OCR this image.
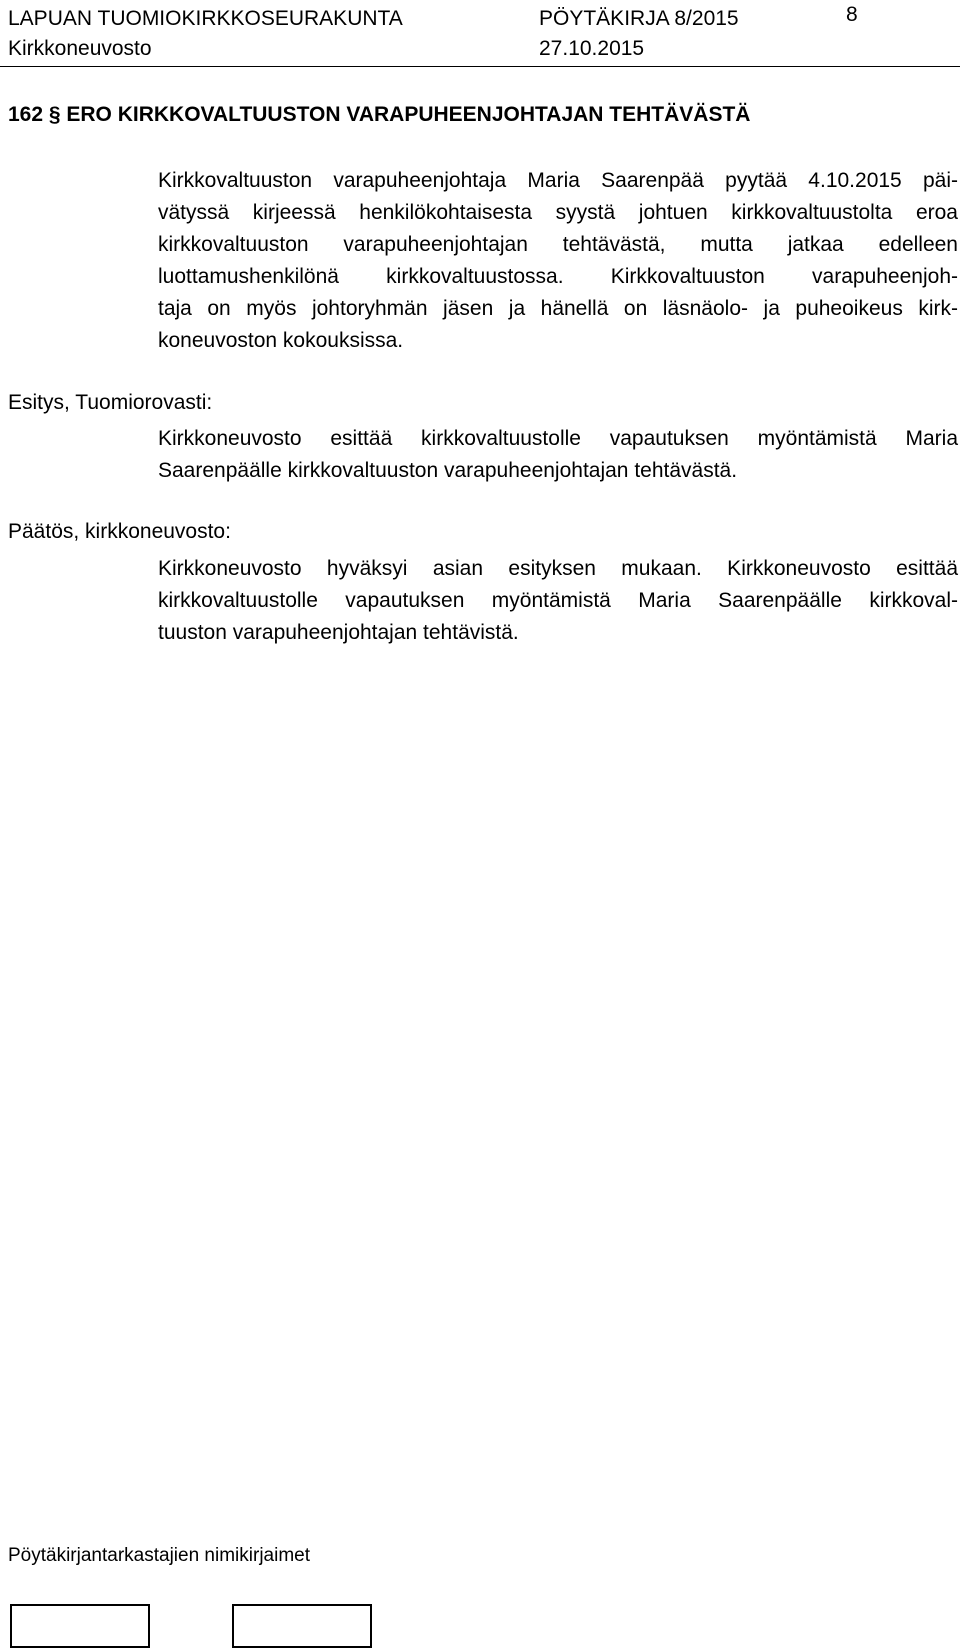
LAPUAN TUOMIOKIRKKOSEURAKUNTA	PÖYTÄKIRJA 8/2015	8
Kirkkoneuvosto	27.10.2015
162 § ERO KIRKKOVALTUUSTON VARAPUHEENJOHTAJAN TEHTÄVÄSTÄ
Kirkkovaltuuston varapuheenjohtaja Maria Saarenpää pyytää 4.10.2015 päi-
vätyssä kirjeessä henkilökohtaisesta syystä johtuen kirkkovaltuustolta eroa
kirkkovaltuuston varapuheenjohtajan tehtävästä, mutta jatkaa edelleen
luottamushenkilönä kirkkovaltuustossa. Kirkkovaltuuston varapuheenjoh-
taja on myös johtoryhmän jäsen ja hänellä on läsnäolo- ja puheoikeus kirk-
koneuvoston kokouksissa.
Esitys, Tuomiorovasti:
Kirkkoneuvosto esittää kirkkovaltuustolle vapautuksen myöntämistä Maria
Saarenpäälle kirkkovaltuuston varapuheenjohtajan tehtävästä.
Päätös, kirkkoneuvosto:
Kirkkoneuvosto hyväksyi asian esityksen mukaan. Kirkkoneuvosto esittää
kirkkovaltuustolle vapautuksen myöntämistä Maria Saarenpäälle kirkkoval-
tuuston varapuheenjohtajan tehtävistä.
Pöytäkirjantarkastajien nimikirjaimet
